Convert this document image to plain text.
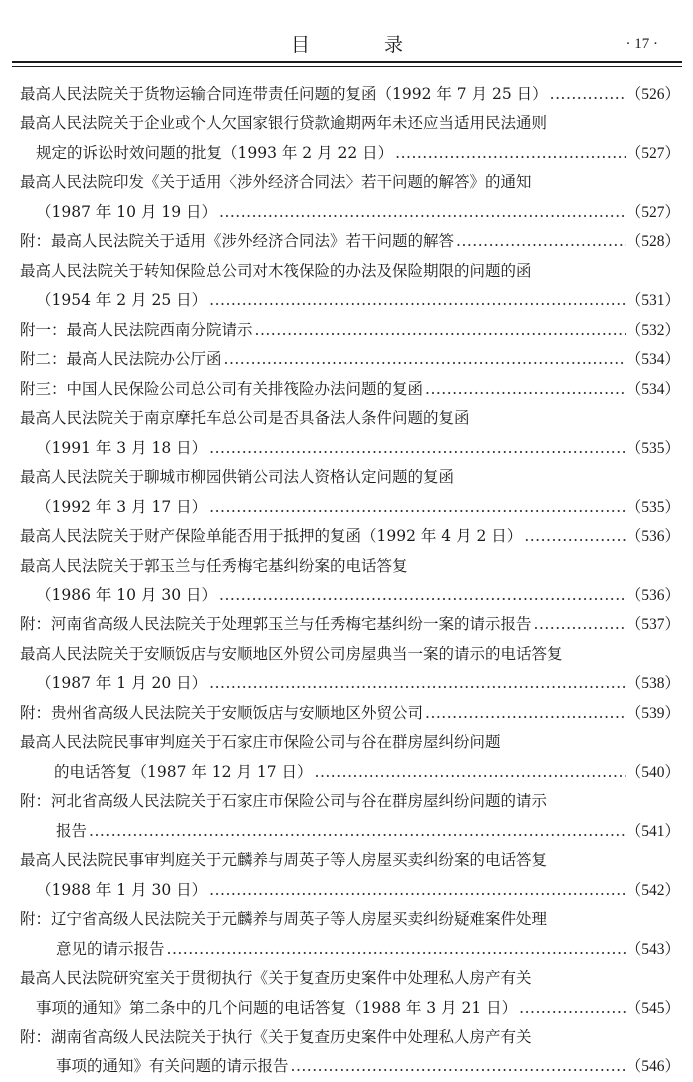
目 录	· 17 ·
最高人民法院关于货物运输合同连带责任问题的复函（1992 年 7 月 25 日） .....	（526）
最高人民法院关于企业或个人欠国家银行贷款逾期两年未还应当适用民法通则
规定的诉讼时效问题的批复（1993 年 2 月 22 日） .....	（527）
最高人民法院印发《关于适用〈涉外经济合同法〉若干问题的解答》的通知
（1987 年 10 月 19 日） .....	（527）
附：最高人民法院关于适用《涉外经济合同法》若干问题的解答 .....	（528）
最高人民法院关于转知保险总公司对木筏保险的办法及保险期限的问题的函
（1954 年 2 月 25 日） .....	（531）
附一：最高人民法院西南分院请示 .....	（532）
附二：最高人民法院办公厅函 .....	（534）
附三：中国人民保险公司总公司有关排筏险办法问题的复函 .....	（534）
最高人民法院关于南京摩托车总公司是否具备法人条件问题的复函
（1991 年 3 月 18 日） .....	（535）
最高人民法院关于聊城市柳园供销公司法人资格认定问题的复函
（1992 年 3 月 17 日） .....	（535）
最高人民法院关于财产保险单能否用于抵押的复函（1992 年 4 月 2 日） .....	（536）
最高人民法院关于郭玉兰与任秀梅宅基纠纷案的电话答复
（1986 年 10 月 30 日） .....	（536）
附：河南省高级人民法院关于处理郭玉兰与任秀梅宅基纠纷一案的请示报告 .....	（537）
最高人民法院关于安顺饭店与安顺地区外贸公司房屋典当一案的请示的电话答复
（1987 年 1 月 20 日） .....	（538）
附：贵州省高级人民法院关于安顺饭店与安顺地区外贸公司 .....	（539）
最高人民法院民事审判庭关于石家庄市保险公司与谷在群房屋纠纷问题
的电话答复（1987 年 12 月 17 日） .....	（540）
附：河北省高级人民法院关于石家庄市保险公司与谷在群房屋纠纷问题的请示
报告 .....	（541）
最高人民法院民事审判庭关于元麟养与周英子等人房屋买卖纠纷案的电话答复
（1988 年 1 月 30 日） .....	（542）
附：辽宁省高级人民法院关于元麟养与周英子等人房屋买卖纠纷疑难案件处理
意见的请示报告 .....	（543）
最高人民法院研究室关于贯彻执行《关于复查历史案件中处理私人房产有关
事项的通知》第二条中的几个问题的电话答复（1988 年 3 月 21 日） .....	（545）
附：湖南省高级人民法院关于执行《关于复查历史案件中处理私人房产有关
事项的通知》有关问题的请示报告 .....	（546）
